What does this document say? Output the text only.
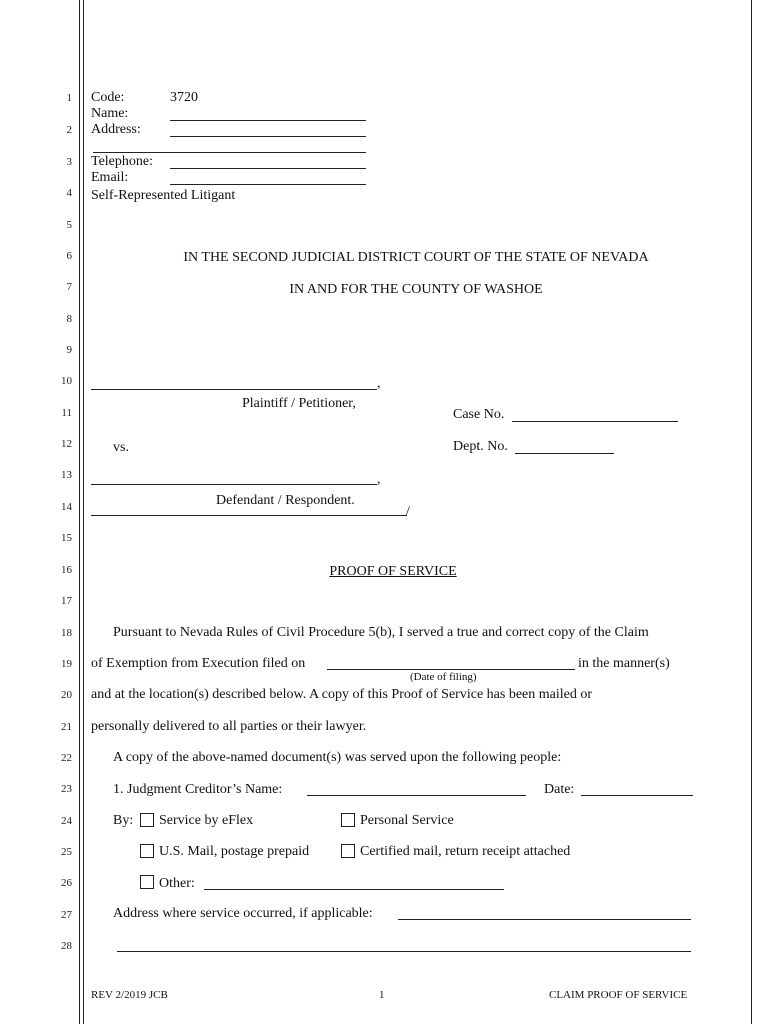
1
2
3
4
5
6
7
8
9
10
11
12
13
14
15
16
17
18
19
20
21
22
23
24
25
26
27
28
Code:	3720
Name:
Address:
Telephone:
Email:
Self-Represented Litigant
IN THE SECOND JUDICIAL DISTRICT COURT OF THE STATE OF NEVADA
IN AND FOR THE COUNTY OF WASHOE
,
Plaintiff / Petitioner,
Case No.
vs.	Dept. No.
,
Defendant / Respondent.
/
PROOF OF SERVICE
Pursuant to Nevada Rules of Civil Procedure 5(b), I served a true and correct copy of the Claim
of Exemption from Execution filed on	in the manner(s)
(Date of filing)
and at the location(s) described below. A copy of this Proof of Service has been mailed or
personally delivered to all parties or their lawyer.
A copy of the above-named document(s) was served upon the following people:
1. Judgment Creditor’s Name:	Date:
By: Service by eFlex	Personal Service
U.S. Mail, postage prepaid	Certified mail, return receipt attached
Other:
Address where service occurred, if applicable:
REV 2/2019 JCB	1	CLAIM PROOF OF SERVICE
